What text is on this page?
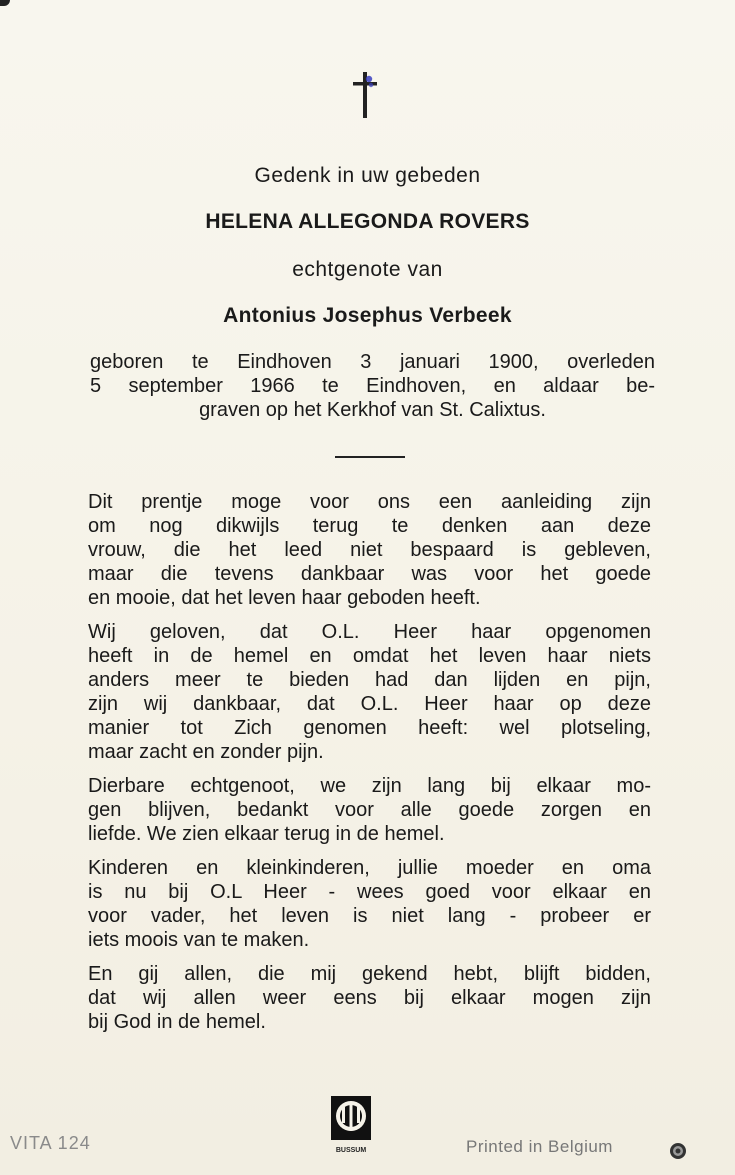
Gedenk in uw gebeden
HELENA ALLEGONDA ROVERS
echtgenote van
Antonius Josephus Verbeek
geboren te Eindhoven 3 januari 1900, overleden
5 september 1966 te Eindhoven, en aldaar be-
graven op het Kerkhof van St. Calixtus.
Dit prentje moge voor ons een aanleiding zijn
om nog dikwijls terug te denken aan deze
vrouw, die het leed niet bespaard is gebleven,
maar die tevens dankbaar was voor het goede
en mooie, dat het leven haar geboden heeft.
Wij geloven, dat O.L. Heer haar opgenomen
heeft in de hemel en omdat het leven haar niets
anders meer te bieden had dan lijden en pijn,
zijn wij dankbaar, dat O.L. Heer haar op deze
manier tot Zich genomen heeft: wel plotseling,
maar zacht en zonder pijn.
Dierbare echtgenoot, we zijn lang bij elkaar mo-
gen blijven, bedankt voor alle goede zorgen en
liefde. We zien elkaar terug in de hemel.
Kinderen en kleinkinderen, jullie moeder en oma
is nu bij O.L Heer - wees goed voor elkaar en
voor vader, het leven is niet lang - probeer er
iets moois van te maken.
En gij allen, die mij gekend hebt, blijft bidden,
dat wij allen weer eens bij elkaar mogen zijn
bij God in de hemel.
VITA 124	BUSSUM	Printed in Belgium
